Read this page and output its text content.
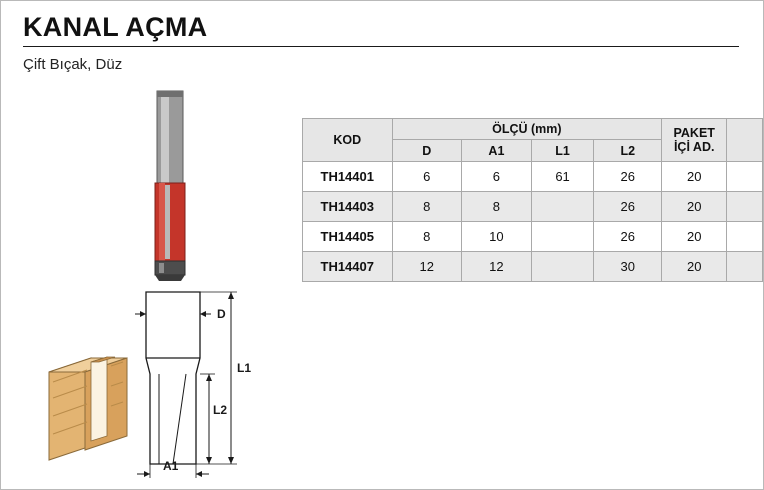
KANAL AÇMA
Çift Bıçak, Düz
D
L1
L2
A1
KOD	ÖLÇÜ (mm)				PAKET
İÇİ AD.	
	D	A1	L1	L2		
TH14401	6	6	61	26	20	
TH14403	8	8		26	20	
TH14405	8	10		26	20	
TH14407	12	12		30	20	
